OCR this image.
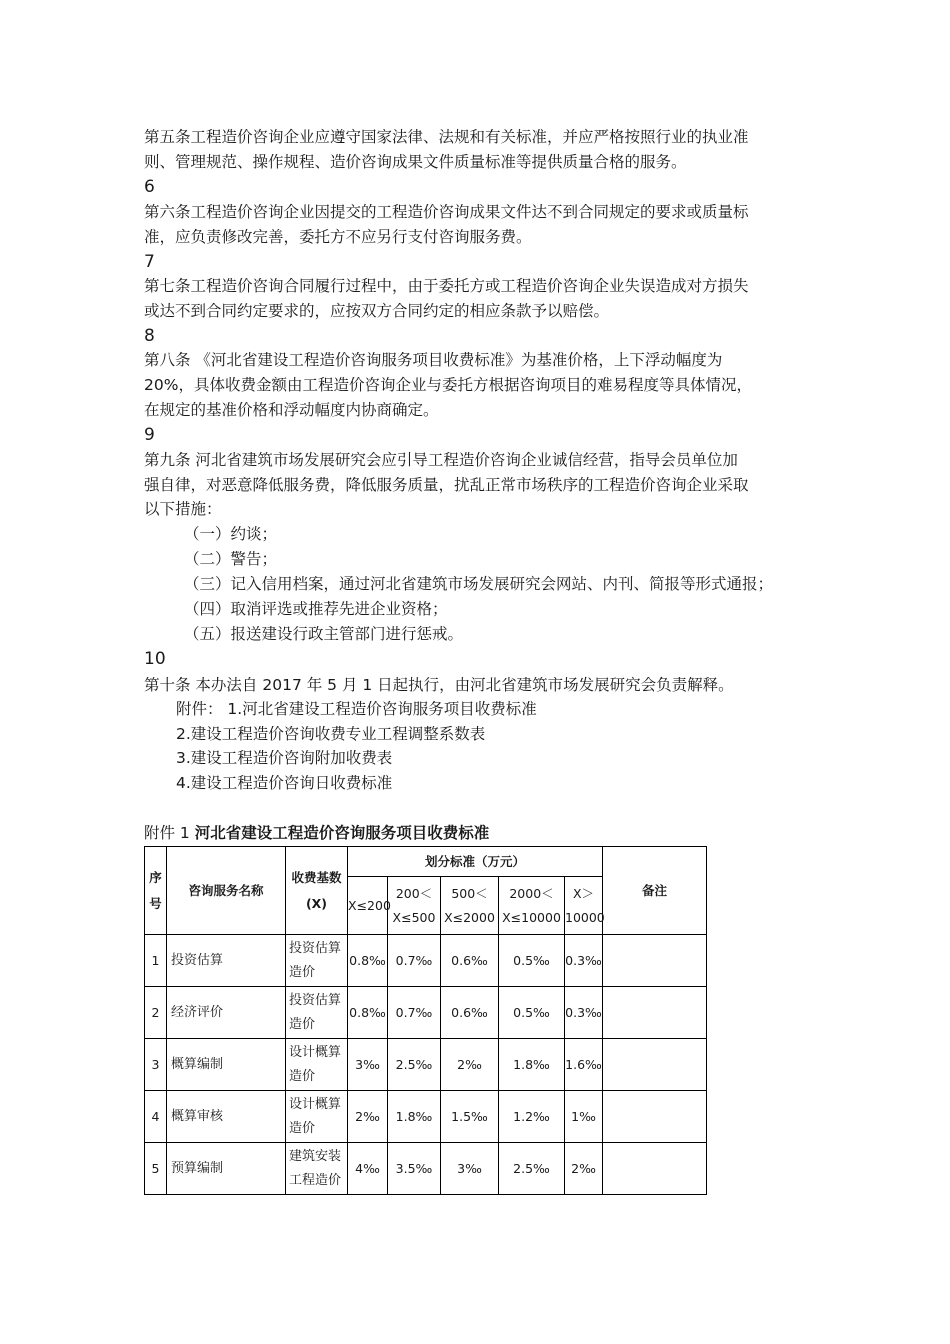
第五条工程造价咨询企业应遵守国家法律、法规和有关标准，并应严格按照行业的执业准
则、管理规范、操作规程、造价咨询成果文件质量标准等提供质量合格的服务。
6
第六条工程造价咨询企业因提交的工程造价咨询成果文件达不到合同规定的要求或质量标
准，应负责修改完善，委托方不应另行支付咨询服务费。
7
第七条工程造价咨询合同履行过程中，由于委托方或工程造价咨询企业失误造成对方损失
或达不到合同约定要求的，应按双方合同约定的相应条款予以赔偿。
8
第八条 《河北省建设工程造价咨询服务项目收费标准》为基准价格，上下浮动幅度为
20%，具体收费金额由工程造价咨询企业与委托方根据咨询项目的难易程度等具体情况，
在规定的基准价格和浮动幅度内协商确定。
9
第九条 河北省建筑市场发展研究会应引导工程造价咨询企业诚信经营，指导会员单位加
强自律，对恶意降低服务费，降低服务质量，扰乱正常市场秩序的工程造价咨询企业采取
以下措施：
（一）约谈；
（二）警告；
（三）记入信用档案，通过河北省建筑市场发展研究会网站、内刊、简报等形式通报；
（四）取消评选或推荐先进企业资格；
（五）报送建设行政主管部门进行惩戒。
10
第十条 本办法自 2017 年 5 月 1 日起执行，由河北省建筑市场发展研究会负责解释。
附件： 1.河北省建设工程造价咨询服务项目收费标准
2.建设工程造价咨询收费专业工程调整系数表
3.建设工程造价咨询附加收费表
4.建设工程造价咨询日收费标准
附件 1 河北省建设工程造价咨询服务项目收费标准
序号	咨询服务名称	收费基数(X)	划分标准（万元）					备注
			X≤200	200＜X≤500	500＜X≤2000	2000＜X≤10000	X＞10000	
1	投资估算	投资估算造价	0.8‰	0.7‰	0.6‰	0.5‰	0.3‰	
2	经济评价	投资估算造价	0.8‰	0.7‰	0.6‰	0.5‰	0.3‰	
3	概算编制	设计概算造价	3‰	2.5‰	2‰	1.8‰	1.6‰	
4	概算审核	设计概算造价	2‰	1.8‰	1.5‰	1.2‰	1‰	
5	预算编制	建筑安装工程造价	4‰	3.5‰	3‰	2.5‰	2‰	
